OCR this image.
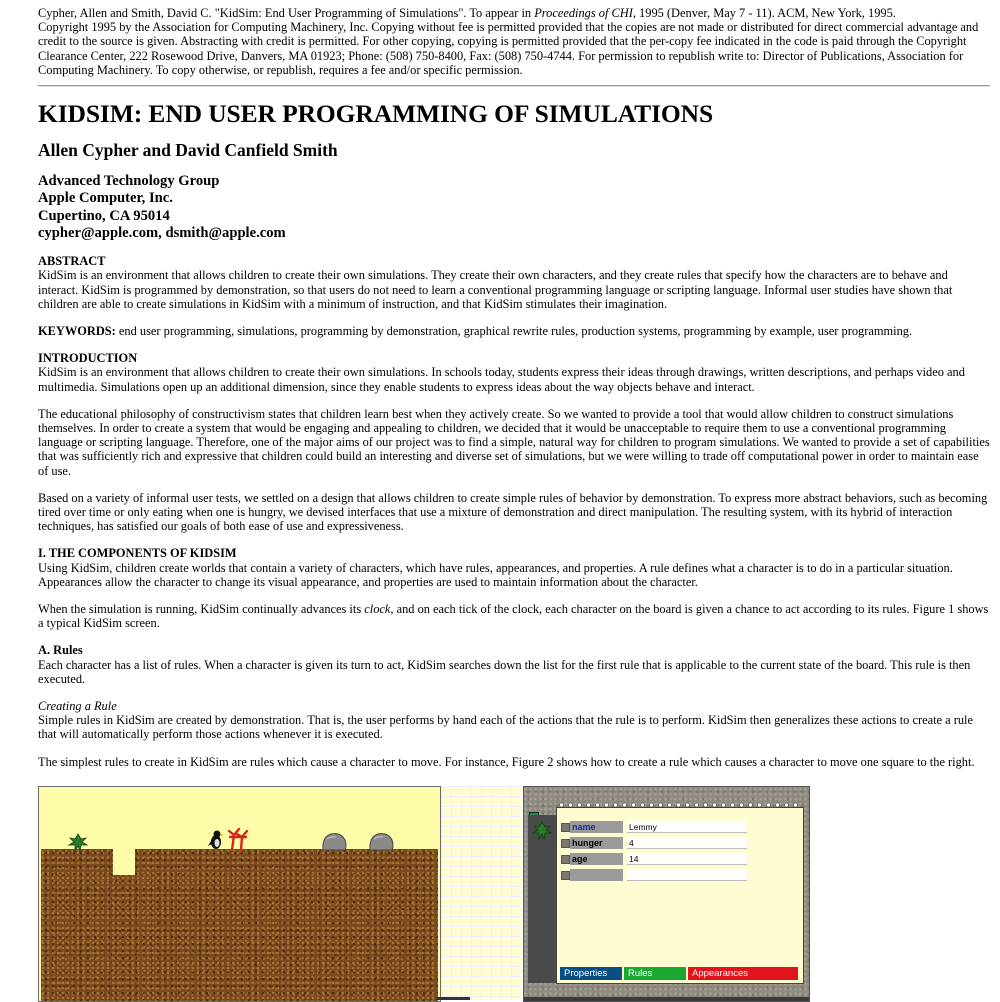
Cypher, Allen and Smith, David C. "KidSim: End User Programming of Simulations". To appear in Proceedings of CHI, 1995 (Denver, May 7 - 11). ACM, New York, 1995.

Copyright 1995 by the Association for Computing Machinery, Inc. Copying without fee is permitted provided that the copies are not made or distributed for direct commercial advantage and credit to the source is given. Abstracting with credit is permitted. For other copying, copying is permitted provided that the per-copy fee indicated in the code is paid through the Copyright Clearance Center, 222 Rosewood Drive, Danvers, MA 01923; Phone: (508) 750-8400, Fax: (508) 750-4744. For permission to republish write to: Director of Publications, Association for Computing Machinery. To copy otherwise, or republish, requires a fee and/or specific permission.

KIDSIM: END USER PROGRAMMING OF SIMULATIONS
Allen Cypher and David Canfield Smith
Advanced Technology Group
Apple Computer, Inc.
Cupertino, CA 95014
cypher@apple.com, dsmith@apple.com
ABSTRACT

KidSim is an environment that allows children to create their own simulations. They create their own characters, and they create rules that specify how the characters are to behave and interact. KidSim is programmed by demonstration, so that users do not need to learn a conventional programming language or scripting language. Informal user studies have shown that children are able to create simulations in KidSim with a minimum of instruction, and that KidSim stimulates their imagination.

KEYWORDS: end user programming, simulations, programming by demonstration, graphical rewrite rules, production systems, programming by example, user programming.

INTRODUCTION

KidSim is an environment that allows children to create their own simulations. In schools today, students express their ideas through drawings, written descriptions, and perhaps video and multimedia. Simulations open up an additional dimension, since they enable students to express ideas about the way objects behave and interact.

The educational philosophy of constructivism states that children learn best when they actively create. So we wanted to provide a tool that would allow children to construct simulations themselves. In order to create a system that would be engaging and appealing to children, we decided that it would be unacceptable to require them to use a conventional programming language or scripting language. Therefore, one of the major aims of our project was to find a simple, natural way for children to program simulations. We wanted to provide a set of capabilities that was sufficiently rich and expressive that children could build an interesting and diverse set of simulations, but we were willing to trade off computational power in order to maintain ease of use.

Based on a variety of informal user tests, we settled on a design that allows children to create simple rules of behavior by demonstration. To express more abstract behaviors, such as becoming tired over time or only eating when one is hungry, we devised interfaces that use a mixture of demonstration and direct manipulation. The resulting system, with its hybrid of interaction techniques, has satisfied our goals of both ease of use and expressiveness.

I. THE COMPONENTS OF KIDSIM

Using KidSim, children create worlds that contain a variety of characters, which have rules, appearances, and properties. A rule defines what a character is to do in a particular situation. Appearances allow the character to change its visual appearance, and properties are used to maintain information about the character.

When the simulation is running, KidSim continually advances its clock, and on each tick of the clock, each character on the board is given a chance to act according to its rules. Figure 1 shows a typical KidSim screen.

A. Rules

Each character has a list of rules. When a character is given its turn to act, KidSim searches down the list for the first rule that is applicable to the current state of the board. This rule is then executed.

Creating a Rule

Simple rules in KidSim are created by demonstration. That is, the user performs by hand each of the actions that the rule is to perform. KidSim then generalizes these actions to create a rule that will automatically perform those actions whenever it is executed.

The simplest rules to create in KidSim are rules which cause a character to move. For instance, Figure 2 shows how to create a rule which causes a character to move one square to the right.

name	Lemmy
hunger	4
age	14
Properties	Rules	Appearances
